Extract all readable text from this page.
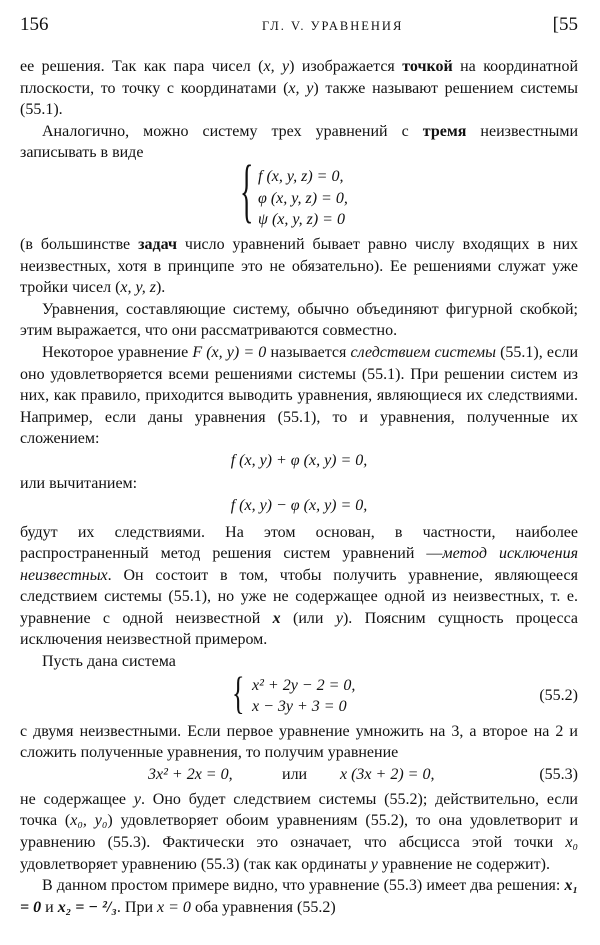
156	ГЛ. V. УРАВНЕНИЯ	[55

ее решения. Так как пара чисел (x, y) изображается точкой на координатной плоскости, то точку с координатами (x, y) также называют решением системы (55.1).

Аналогично, можно систему трех уравнений с тремя неизвестными записывать в виде	{ f (x, y, z) = 0,
φ (x, y, z) = 0,
ψ (x, y, z) = 0

(в большинстве задач число уравнений бывает равно числу входящих в них неизвестных, хотя в принципе это не обязательно). Ее решениями служат уже тройки чисел (x, y, z).

Уравнения, составляющие систему, обычно объединяют фигурной скобкой; этим выражается, что они рассматриваются совместно.

Некоторое уравнение F (x, y) = 0 называется следствием системы (55.1), если оно удовлетворяется всеми решениями системы (55.1). При решении систем из них, как правило, приходится выводить уравнения, являющиеся их следствиями. Например, если даны уравнения (55.1), то и уравнения, полученные их сложением:

f (x, y) + φ (x, y) = 0,

или вычитанием:

f (x, y) − φ (x, y) = 0,

будут их следствиями. На этом основан, в частности, наиболее распространенный метод решения систем уравнений —метод исключения неизвестных. Он состоит в том, чтобы получить уравнение, являющееся следствием системы (55.1), но уже не содержащее одной из неизвестных, т. е. уравнение с одной неизвестной x (или y). Поясним сущность процесса исключения неизвестной примером.

Пусть дана система

{ x² + 2y − 2 = 0,
x − 3y + 3 = 0
(55.2)

с двумя неизвестными. Если первое уравнение умножить на 3, а второе на 2 и сложить полученные уравнения, то получим уравнение

3x² + 2x = 0,	или x (3x + 2) = 0,	(55.3)

не содержащее y. Оно будет следствием системы (55.2); действительно, если точка (x₀, y₀) удовлетворяет обоим уравнениям (55.2), то она удовлетворит и уравнению (55.3). Фактически это означает, что абсцисса этой точки x₀ удовлетворяет уравнению (55.3) (так как ординаты y уравнение не содержит).

В данном простом примере видно, что уравнение (55.3) имеет два решения: x₁ = 0 и x₂ = − ²/₃. При x = 0 оба уравнения (55.2)
